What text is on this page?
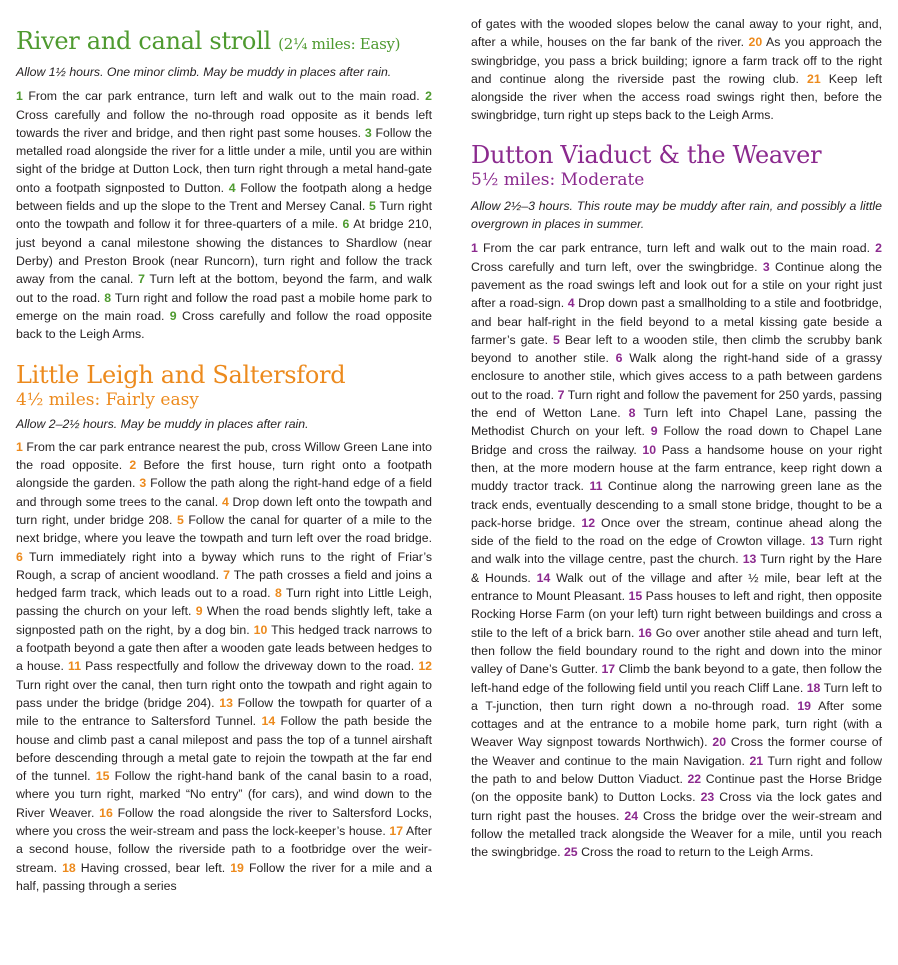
River and canal stroll (2¼ miles: Easy)

Allow 1½ hours. One minor climb. May be muddy in places after rain.

1 From the car park entrance, turn left and walk out to the main road. 2 Cross carefully and follow the no-through road opposite as it bends left towards the river and bridge, and then right past some houses. 3 Follow the metalled road alongside the river for a little under a mile, until you are within sight of the bridge at Dutton Lock, then turn right through a metal hand-gate onto a footpath signposted to Dutton. 4 Follow the footpath along a hedge between fields and up the slope to the Trent and Mersey Canal. 5 Turn right onto the towpath and follow it for three-quarters of a mile. 6 At bridge 210, just beyond a canal milestone showing the distances to Shardlow (near Derby) and Preston Brook (near Runcorn), turn right and follow the track away from the canal. 7 Turn left at the bottom, beyond the farm, and walk out to the road. 8 Turn right and follow the road past a mobile home park to emerge on the main road. 9 Cross carefully and follow the road opposite back to the Leigh Arms.

Little Leigh and Saltersford

4½ miles: Fairly easy

Allow 2–2½ hours. May be muddy in places after rain.

1 From the car park entrance nearest the pub, cross Willow Green Lane into the road opposite. 2 Before the first house, turn right onto a footpath alongside the garden. 3 Follow the path along the right-hand edge of a field and through some trees to the canal. 4 Drop down left onto the towpath and turn right, under bridge 208. 5 Follow the canal for quarter of a mile to the next bridge, where you leave the towpath and turn left over the road bridge. 6 Turn immediately right into a byway which runs to the right of Friar’s Rough, a scrap of ancient woodland. 7 The path crosses a field and joins a hedged farm track, which leads out to a road. 8 Turn right into Little Leigh, passing the church on your left. 9 When the road bends slightly left, take a signposted path on the right, by a dog bin. 10 This hedged track narrows to a footpath beyond a gate then after a wooden gate leads between hedges to a house. 11 Pass respectfully and follow the driveway down to the road. 12 Turn right over the canal, then turn right onto the towpath and right again to pass under the bridge (bridge 204). 13 Follow the towpath for quarter of a mile to the entrance to Saltersford Tunnel. 14 Follow the path beside the house and climb past a canal milepost and pass the top of a tunnel airshaft before descending through a metal gate to rejoin the towpath at the far end of the tunnel. 15 Follow the right-hand bank of the canal basin to a road, where you turn right, marked “No entry” (for cars), and wind down to the River Weaver. 16 Follow the road alongside the river to Saltersford Locks, where you cross the weir-stream and pass the lock-keeper’s house. 17 After a second house, follow the riverside path to a footbridge over the weir-stream. 18 Having crossed, bear left. 19 Follow the river for a mile and a half, passing through a series

of gates with the wooded slopes below the canal away to your right, and, after a while, houses on the far bank of the river. 20 As you approach the swingbridge, you pass a brick building; ignore a farm track off to the right and continue along the riverside past the rowing club. 21 Keep left alongside the river when the access road swings right then, before the swingbridge, turn right up steps back to the Leigh Arms.

Dutton Viaduct & the Weaver

5½ miles: Moderate

Allow 2½–3 hours. This route may be muddy after rain, and possibly a little overgrown in places in summer.

1 From the car park entrance, turn left and walk out to the main road. 2 Cross carefully and turn left, over the swingbridge. 3 Continue along the pavement as the road swings left and look out for a stile on your right just after a road-sign. 4 Drop down past a smallholding to a stile and footbridge, and bear half-right in the field beyond to a metal kissing gate beside a farmer’s gate. 5 Bear left to a wooden stile, then climb the scrubby bank beyond to another stile. 6 Walk along the right-hand side of a grassy enclosure to another stile, which gives access to a path between gardens out to the road. 7 Turn right and follow the pavement for 250 yards, passing the end of Wetton Lane. 8 Turn left into Chapel Lane, passing the Methodist Church on your left. 9 Follow the road down to Chapel Lane Bridge and cross the railway. 10 Pass a handsome house on your right then, at the more modern house at the farm entrance, keep right down a muddy tractor track. 11 Continue along the narrowing green lane as the track ends, eventually descending to a small stone bridge, thought to be a pack-horse bridge. 12 Once over the stream, continue ahead along the side of the field to the road on the edge of Crowton village. 13 Turn right and walk into the village centre, past the church. 13 Turn right by the Hare & Hounds. 14 Walk out of the village and after ½ mile, bear left at the entrance to Mount Pleasant. 15 Pass houses to left and right, then opposite Rocking Horse Farm (on your left) turn right between buildings and cross a stile to the left of a brick barn. 16 Go over another stile ahead and turn left, then follow the field boundary round to the right and down into the minor valley of Dane’s Gutter. 17 Climb the bank beyond to a gate, then follow the left-hand edge of the following field until you reach Cliff Lane. 18 Turn left to a T-junction, then turn right down a no-through road. 19 After some cottages and at the entrance to a mobile home park, turn right (with a Weaver Way signpost towards Northwich). 20 Cross the former course of the Weaver and continue to the main Navigation. 21 Turn right and follow the path to and below Dutton Viaduct. 22 Continue past the Horse Bridge (on the opposite bank) to Dutton Locks. 23 Cross via the lock gates and turn right past the houses. 24 Cross the bridge over the weir-stream and follow the metalled track alongside the Weaver for a mile, until you reach the swingbridge. 25 Cross the road to return to the Leigh Arms.
